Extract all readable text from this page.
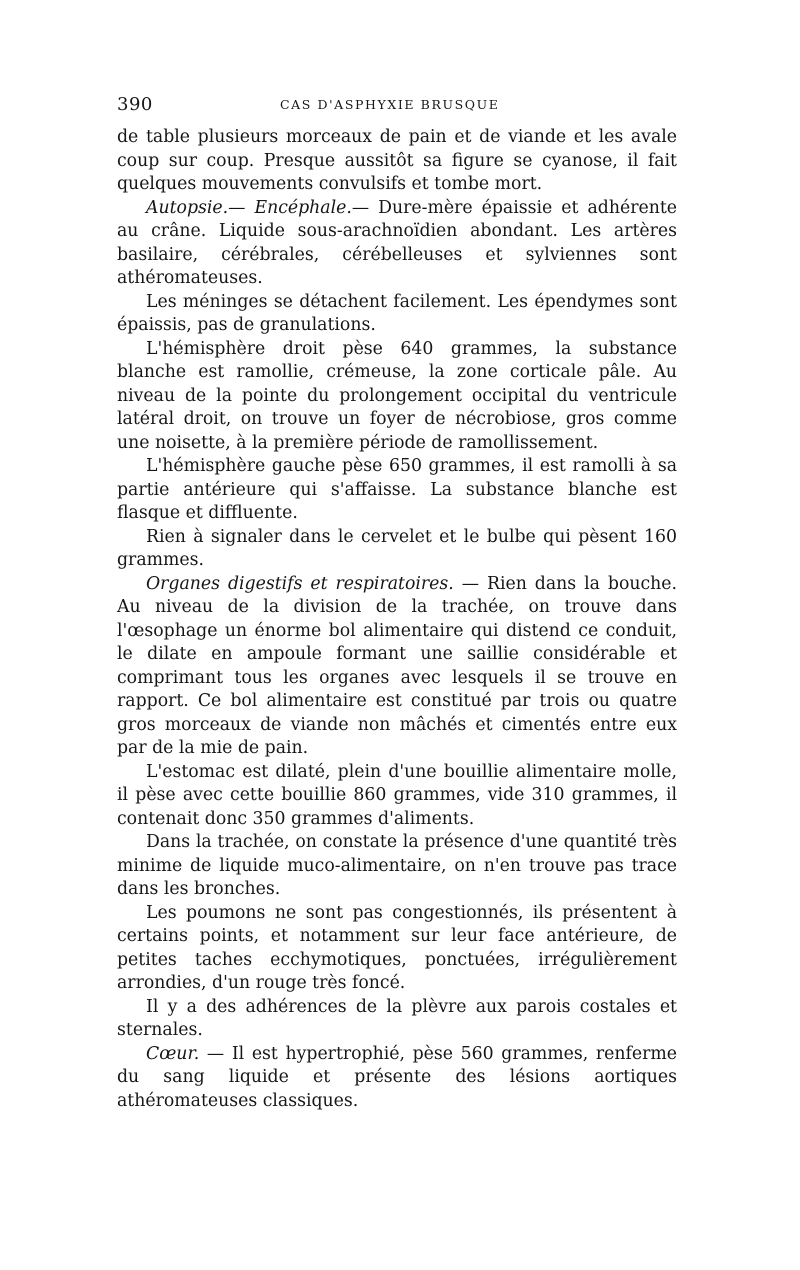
390	CAS D'ASPHYXIE BRUSQUE

de table plusieurs morceaux de pain et de viande et les avale coup sur coup. Presque aussitôt sa figure se cyanose, il fait quelques mouvements convulsifs et tombe mort.

Autopsie.— Encéphale.— Dure-mère épaissie et adhérente au crâne. Liquide sous-arachnoïdien abondant. Les artères basilaire, cérébrales, cérébelleuses et sylviennes sont athéromateuses.

Les méninges se détachent facilement. Les épendymes sont épaissis, pas de granulations.

L'hémisphère droit pèse 640 grammes, la substance blanche est ramollie, crémeuse, la zone corticale pâle. Au niveau de la pointe du prolongement occipital du ventricule latéral droit, on trouve un foyer de nécrobiose, gros comme une noisette, à la première période de ramollissement.

L'hémisphère gauche pèse 650 grammes, il est ramolli à sa partie antérieure qui s'affaisse. La substance blanche est flasque et diffluente.

Rien à signaler dans le cervelet et le bulbe qui pèsent 160 grammes.

Organes digestifs et respiratoires. — Rien dans la bouche. Au niveau de la division de la trachée, on trouve dans l'œsophage un énorme bol alimentaire qui distend ce conduit, le dilate en ampoule formant une saillie considérable et comprimant tous les organes avec lesquels il se trouve en rapport. Ce bol alimentaire est constitué par trois ou quatre gros morceaux de viande non mâchés et cimentés entre eux par de la mie de pain.

L'estomac est dilaté, plein d'une bouillie alimentaire molle, il pèse avec cette bouillie 860 grammes, vide 310 grammes, il contenait donc 350 grammes d'aliments.

Dans la trachée, on constate la présence d'une quantité très minime de liquide muco-alimentaire, on n'en trouve pas trace dans les bronches.

Les poumons ne sont pas congestionnés, ils présentent à certains points, et notamment sur leur face antérieure, de petites taches ecchymotiques, ponctuées, irrégulièrement arrondies, d'un rouge très foncé.

Il y a des adhérences de la plèvre aux parois costales et sternales.

Cœur. — Il est hypertrophié, pèse 560 grammes, renferme du sang liquide et présente des lésions aortiques athéromateuses classiques.
